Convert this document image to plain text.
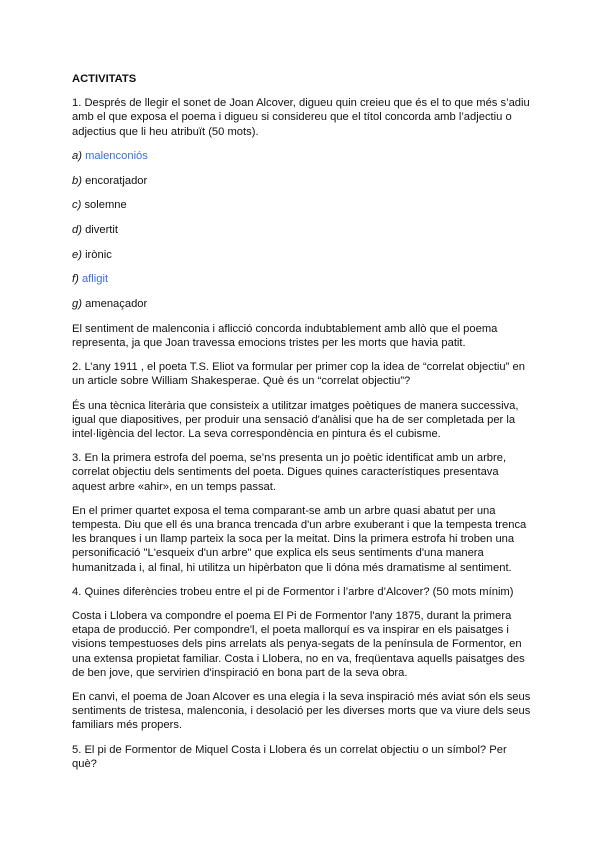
ACTIVITATS

1. Després de llegir el sonet de Joan Alcover, digueu quin creieu que és el to que més s’adiu amb el que exposa el poema i digueu si considereu que el títol concorda amb l’adjectiu o adjectius que li heu atribuït (50 mots).

a) malenconiós
b) encoratjador
c) solemne
d) divertit
e) irònic
f) afligit
g) amenaçador

El sentiment de malenconia i aflicció concorda indubtablement amb allò que el poema representa, ja que Joan travessa emocions tristes per les morts que havia patit.

2. L’any 1911 , el poeta T.S. Eliot va formular per primer cop la idea de “correlat objectiu” en un article sobre William Shakesperae. Què és un “correlat objectiu”?

És una tècnica literària que consisteix a utilitzar imatges poètiques de manera successiva, igual que diapositives, per produir una sensació d'anàlisi que ha de ser completada per la intel·ligència del lector. La seva correspondència en pintura és el cubisme.

3. En la primera estrofa del poema, se’ns presenta un jo poètic identificat amb un arbre, correlat objectiu dels sentiments del poeta. Digues quines característiques presentava aquest arbre «ahir», en un temps passat.

En el primer quartet exposa el tema comparant-se amb un arbre quasi abatut per una tempesta. Diu que ell és una branca trencada d'un arbre exuberant i que la tempesta trenca les branques i un llamp parteix la soca per la meitat. Dins la primera estrofa hi troben una personificació "L'esqueix d'un arbre" que explica els seus sentiments d'una manera humanitzada i, al final, hi utilitza un hipèrbaton que li dóna més dramatisme al sentiment.

4. Quines diferències trobeu entre el pi de Formentor i l’arbre d’Alcover? (50 mots mínim)

Costa i Llobera va compondre el poema El Pi de Formentor l'any 1875, durant la primera etapa de producció. Per compondre'l, el poeta mallorquí es va inspirar en els paisatges i visions tempestuoses dels pins arrelats als penya-segats de la península de Formentor, en una extensa propietat familiar. Costa i Llobera, no en va, freqüentava aquells paisatges des de ben jove, que servirien d'inspiració en bona part de la seva obra.

En canvi, el poema de Joan Alcover es una elegia i la seva inspiració més aviat són els seus sentiments de tristesa, malenconia, i desolació per les diverses morts que va viure dels seus familiars més propers.

5. El pi de Formentor de Miquel Costa i Llobera és un correlat objectiu o un símbol? Per què?
